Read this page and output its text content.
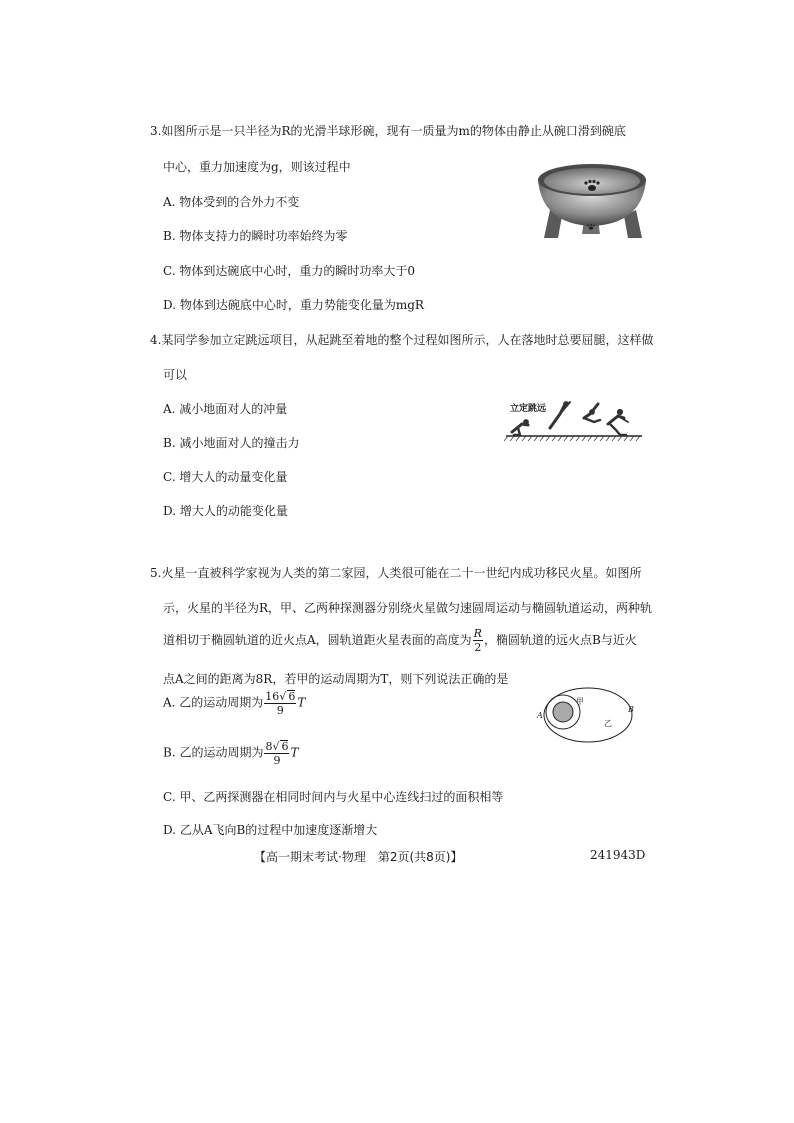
3.如图所示是一只半径为R的光滑半球形碗，现有一质量为m的物体由静止从碗口滑到碗底
中心，重力加速度为g，则该过程中
A. 物体受到的合外力不变
B. 物体支持力的瞬时功率始终为零
C. 物体到达碗底中心时，重力的瞬时功率大于0
D. 物体到达碗底中心时，重力势能变化量为mgR
4.某同学参加立定跳远项目，从起跳至着地的整个过程如图所示，人在落地时总要屈腿，这样做
可以
A. 减小地面对人的冲量
B. 减小地面对人的撞击力
C. 增大人的动量变化量
D. 增大人的动能变化量
立定跳远
5.火星一直被科学家视为人类的第二家园，人类很可能在二十一世纪内成功移民火星。如图所
示，火星的半径为R，甲、乙两种探测器分别绕火星做匀速圆周运动与椭圆轨道运动，两种轨
道相切于椭圆轨道的近火点A，圆轨道距火星表面的高度为 $\frac{R}{2}$ ，椭圆轨道的远火点B与近火
点A之间的距离为8R，若甲的运动周期为T，则下列说法正确的是
A. 乙的运动周期为 $\frac{16√ 6}{9}$ T
B. 乙的运动周期为 $\frac{8√ 6}{9}$ T
C. 甲、乙两探测器在相同时间内与火星中心连线扫过的面积相等
D. 乙从A飞向B的过程中加速度逐渐增大
A
B
甲
乙
【高一期末考试·物理　第2页(共8页)】	241943D
